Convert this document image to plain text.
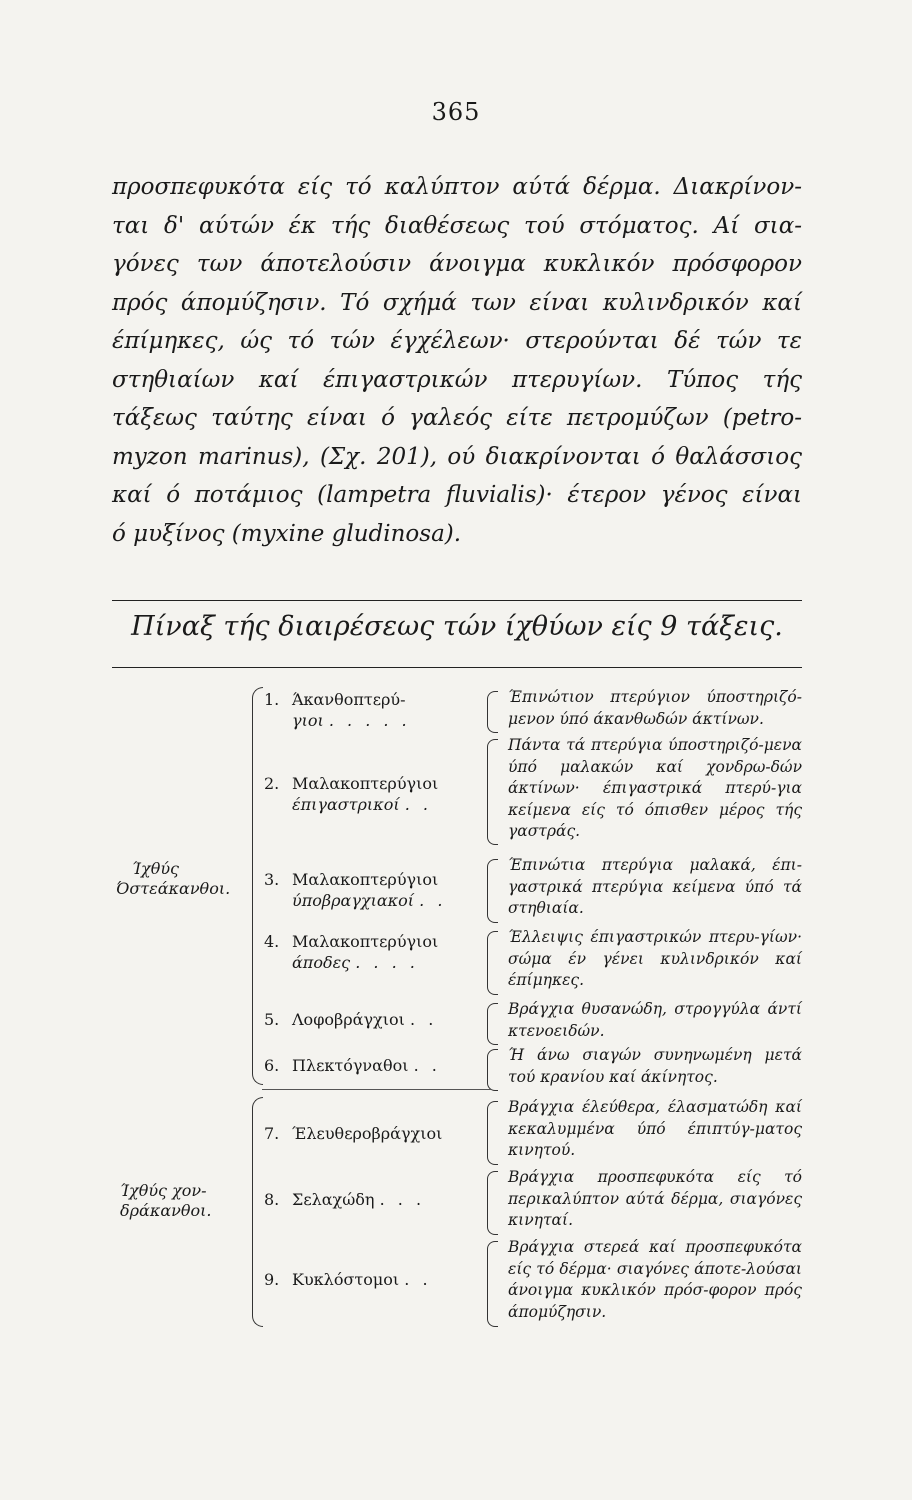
365
προσπεφυκότα είς τό καλύπτον αύτά δέρμα. Διακρίνον-
ται δ' αύτών έκ τής διαθέσεως τού στόματος. Αί σια-
γόνες των άποτελούσιν άνοιγμα κυκλικόν πρόσφορον
πρός άπομύζησιν. Τό σχήμά των είναι κυλινδρικόν καί
έπίμηκες, ώς τό τών έγχέλεων· στερούνται δέ τών τε
στηθιαίων καί έπιγαστρικών πτερυγίων. Τύπος τής
τάξεως ταύτης είναι ό γαλεός είτε πετρομύζων (petro-
myzon marinus), (Σχ. 201), ού διακρίνονται ό θαλάσσιος
καί ό ποτάμιος (lampetra fluvialis)· έτερον γένος είναι
ό μυξίνος (myxine gludinosa).
Πίναξ τής διαιρέσεως τών ίχθύων είς 9 τάξεις.
Ίχθύς
Όστεάκανθοι.
Ίχθύς χον-
δράκανθοι.
1. Άκανθοπτερύ-
γιοι . . . . .
Έπινώτιον πτερύγιον ύποστηριζό-μενον ύπό άκανθωδών άκτίνων.
2. Μαλακοπτερύγιοι
έπιγαστρικοί . .
Πάντα τά πτερύγια ύποστηριζό-μενα ύπό μαλακών καί χονδρω-δών άκτίνων· έπιγαστρικά πτερύ-για κείμενα είς τό όπισθεν μέρος τής γαστράς.
3. Μαλακοπτερύγιοι
ύποβραγχιακοί . .
Έπινώτια πτερύγια μαλακά, έπι-γαστρικά πτερύγια κείμενα ύπό τά στηθιαία.
4. Μαλακοπτερύγιοι
άποδες . . . .
Έλλειψις έπιγαστρικών πτερυ-γίων· σώμα έν γένει κυλινδρικόν καί έπίμηκες.
5. Λοφοβράγχιοι . .
Βράγχια θυσανώδη, στρογγύλα άντί κτενοειδών.
6. Πλεκτόγναθοι . .
Ή άνω σιαγών συνηνωμένη μετά τού κρανίου καί άκίνητος.
7. Έλευθεροβράγχιοι
Βράγχια έλεύθερα, έλασματώδη καί κεκαλυμμένα ύπό έπιπτύγ-ματος κινητού.
8. Σελαχώδη . . .
Βράγχια προσπεφυκότα είς τό περικαλύπτον αύτά δέρμα, σιαγόνες κινηταί.
9. Κυκλόστομοι . .
Βράγχια στερεά καί προσπεφυκότα είς τό δέρμα· σιαγόνες άποτε-λούσαι άνοιγμα κυκλικόν πρόσ-φορον πρός άπομύζησιν.
